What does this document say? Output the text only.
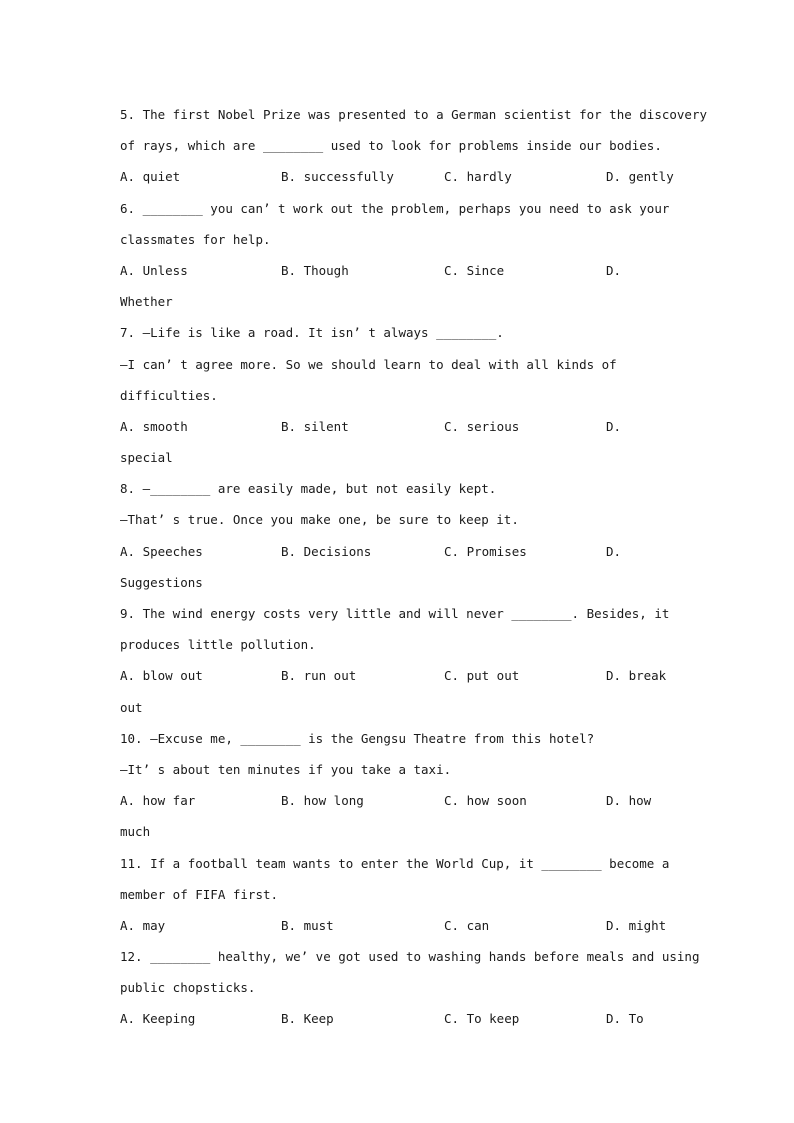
5. The first Nobel Prize was presented to a German scientist for the discovery
of rays, which are ________ used to look for problems inside our bodies.
A. quiet	B. successfully	C. hardly	D. gently
6. ________ you can’ t work out the problem, perhaps you need to ask your
classmates for help.
A. Unless	B. Though	C. Since	D.
Whether
7. —Life is like a road. It isn’ t always ________.
—I can’ t agree more. So we should learn to deal with all kinds of
difficulties.
A. smooth	B. silent	C. serious	D.
special
8. —________ are easily made, but not easily kept.
—That’ s true. Once you make one, be sure to keep it.
A. Speeches	B. Decisions	C. Promises	D.
Suggestions
9. The wind energy costs very little and will never ________. Besides, it
produces little pollution.
A. blow out	B. run out	C. put out	D. break
out
10. —Excuse me, ________ is the Gengsu Theatre from this hotel?
—It’ s about ten minutes if you take a taxi.
A. how far	B. how long	C. how soon	D. how
much
11. If a football team wants to enter the World Cup, it ________ become a
member of FIFA first.
A. may	B. must	C. can	D. might
12. ________ healthy, we’ ve got used to washing hands before meals and using
public chopsticks.
A. Keeping	B. Keep	C. To keep	D. To
